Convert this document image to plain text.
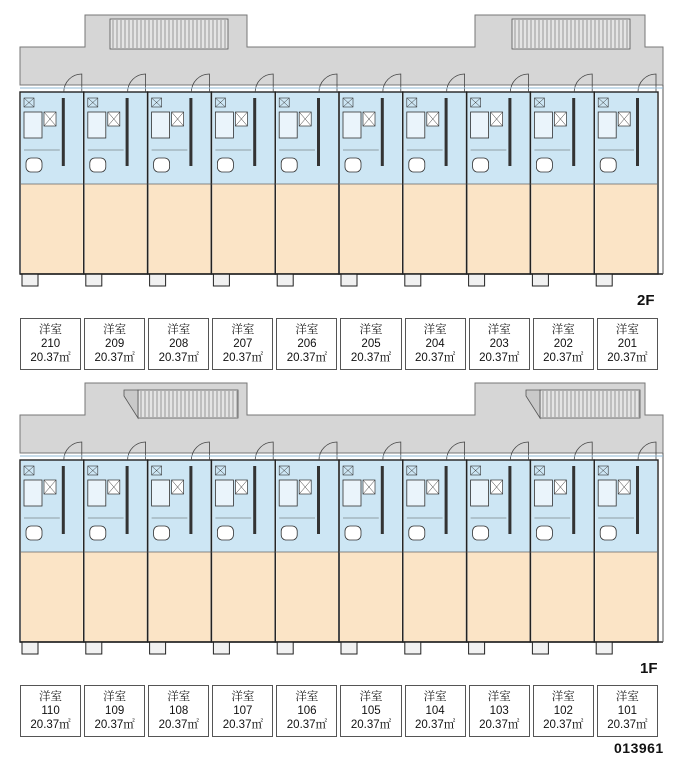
2F
1F
洋室
210
20.37㎡
洋室
209
20.37㎡
洋室
208
20.37㎡
洋室
207
20.37㎡
洋室
206
20.37㎡
洋室
205
20.37㎡
洋室
204
20.37㎡
洋室
203
20.37㎡
洋室
202
20.37㎡
洋室
201
20.37㎡
洋室
110
20.37㎡
洋室
109
20.37㎡
洋室
108
20.37㎡
洋室
107
20.37㎡
洋室
106
20.37㎡
洋室
105
20.37㎡
洋室
104
20.37㎡
洋室
103
20.37㎡
洋室
102
20.37㎡
洋室
101
20.37㎡
013961
